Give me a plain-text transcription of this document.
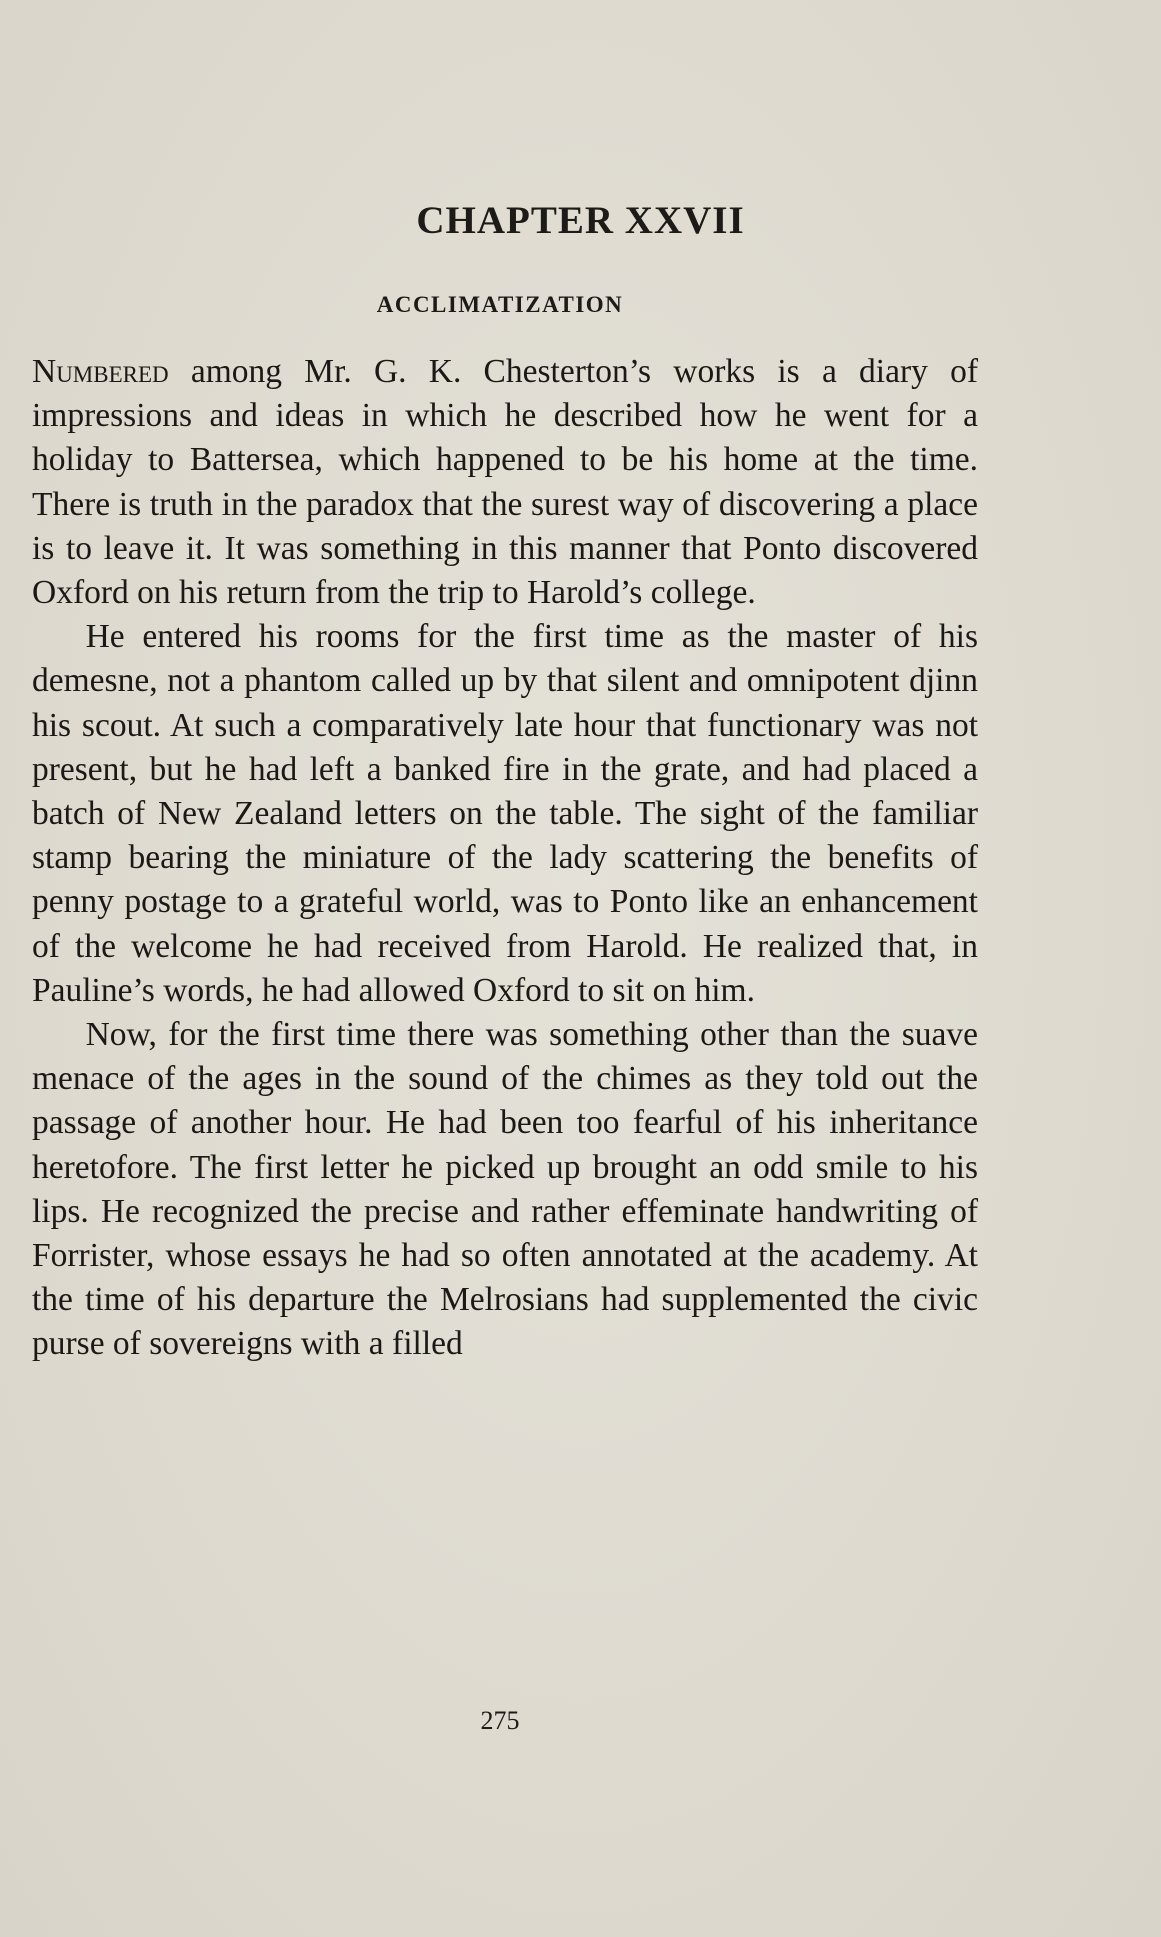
CHAPTER XXVII
ACCLIMATIZATION

Numbered among Mr. G. K. Chesterton’s works is a diary of impressions and ideas in which he described how he went for a holiday to Battersea, which happened to be his home at the time. There is truth in the paradox that the surest way of discovering a place is to leave it. It was something in this manner that Ponto discovered Oxford on his return from the trip to Harold’s college.

He entered his rooms for the first time as the master of his demesne, not a phantom called up by that silent and omnipotent djinn his scout. At such a comparatively late hour that functionary was not present, but he had left a banked fire in the grate, and had placed a batch of New Zealand letters on the table. The sight of the familiar stamp bearing the miniature of the lady scattering the benefits of penny postage to a grateful world, was to Ponto like an enhancement of the welcome he had received from Harold. He realized that, in Pauline’s words, he had allowed Oxford to sit on him.

Now, for the first time there was something other than the suave menace of the ages in the sound of the chimes as they told out the passage of another hour. He had been too fearful of his inheritance heretofore. The first letter he picked up brought an odd smile to his lips. He recognized the precise and rather effeminate handwriting of Forrister, whose essays he had so often annotated at the academy. At the time of his departure the Melrosians had supplemented the civic purse of sovereigns with a filled

275
